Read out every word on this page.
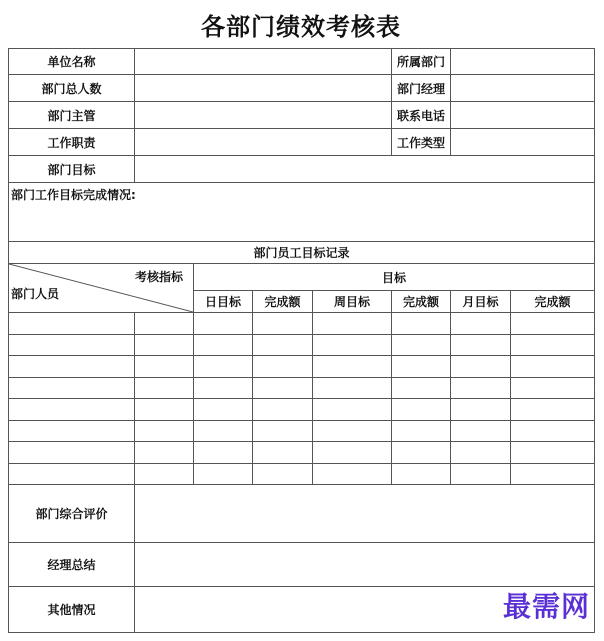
各部门绩效考核表
单位名称					所属部门		
部门总人数					部门经理		
部门主管					联系电话		
工作职责					工作类型		
部门目标							
部门工作目标完成情况:							
部门员工目标记录							

考核指标
部门人员		目标					
		日目标	完成额	周目标	完成额	月目标	完成额

部门综合评价							
经理总结							
其他情况								最需网
